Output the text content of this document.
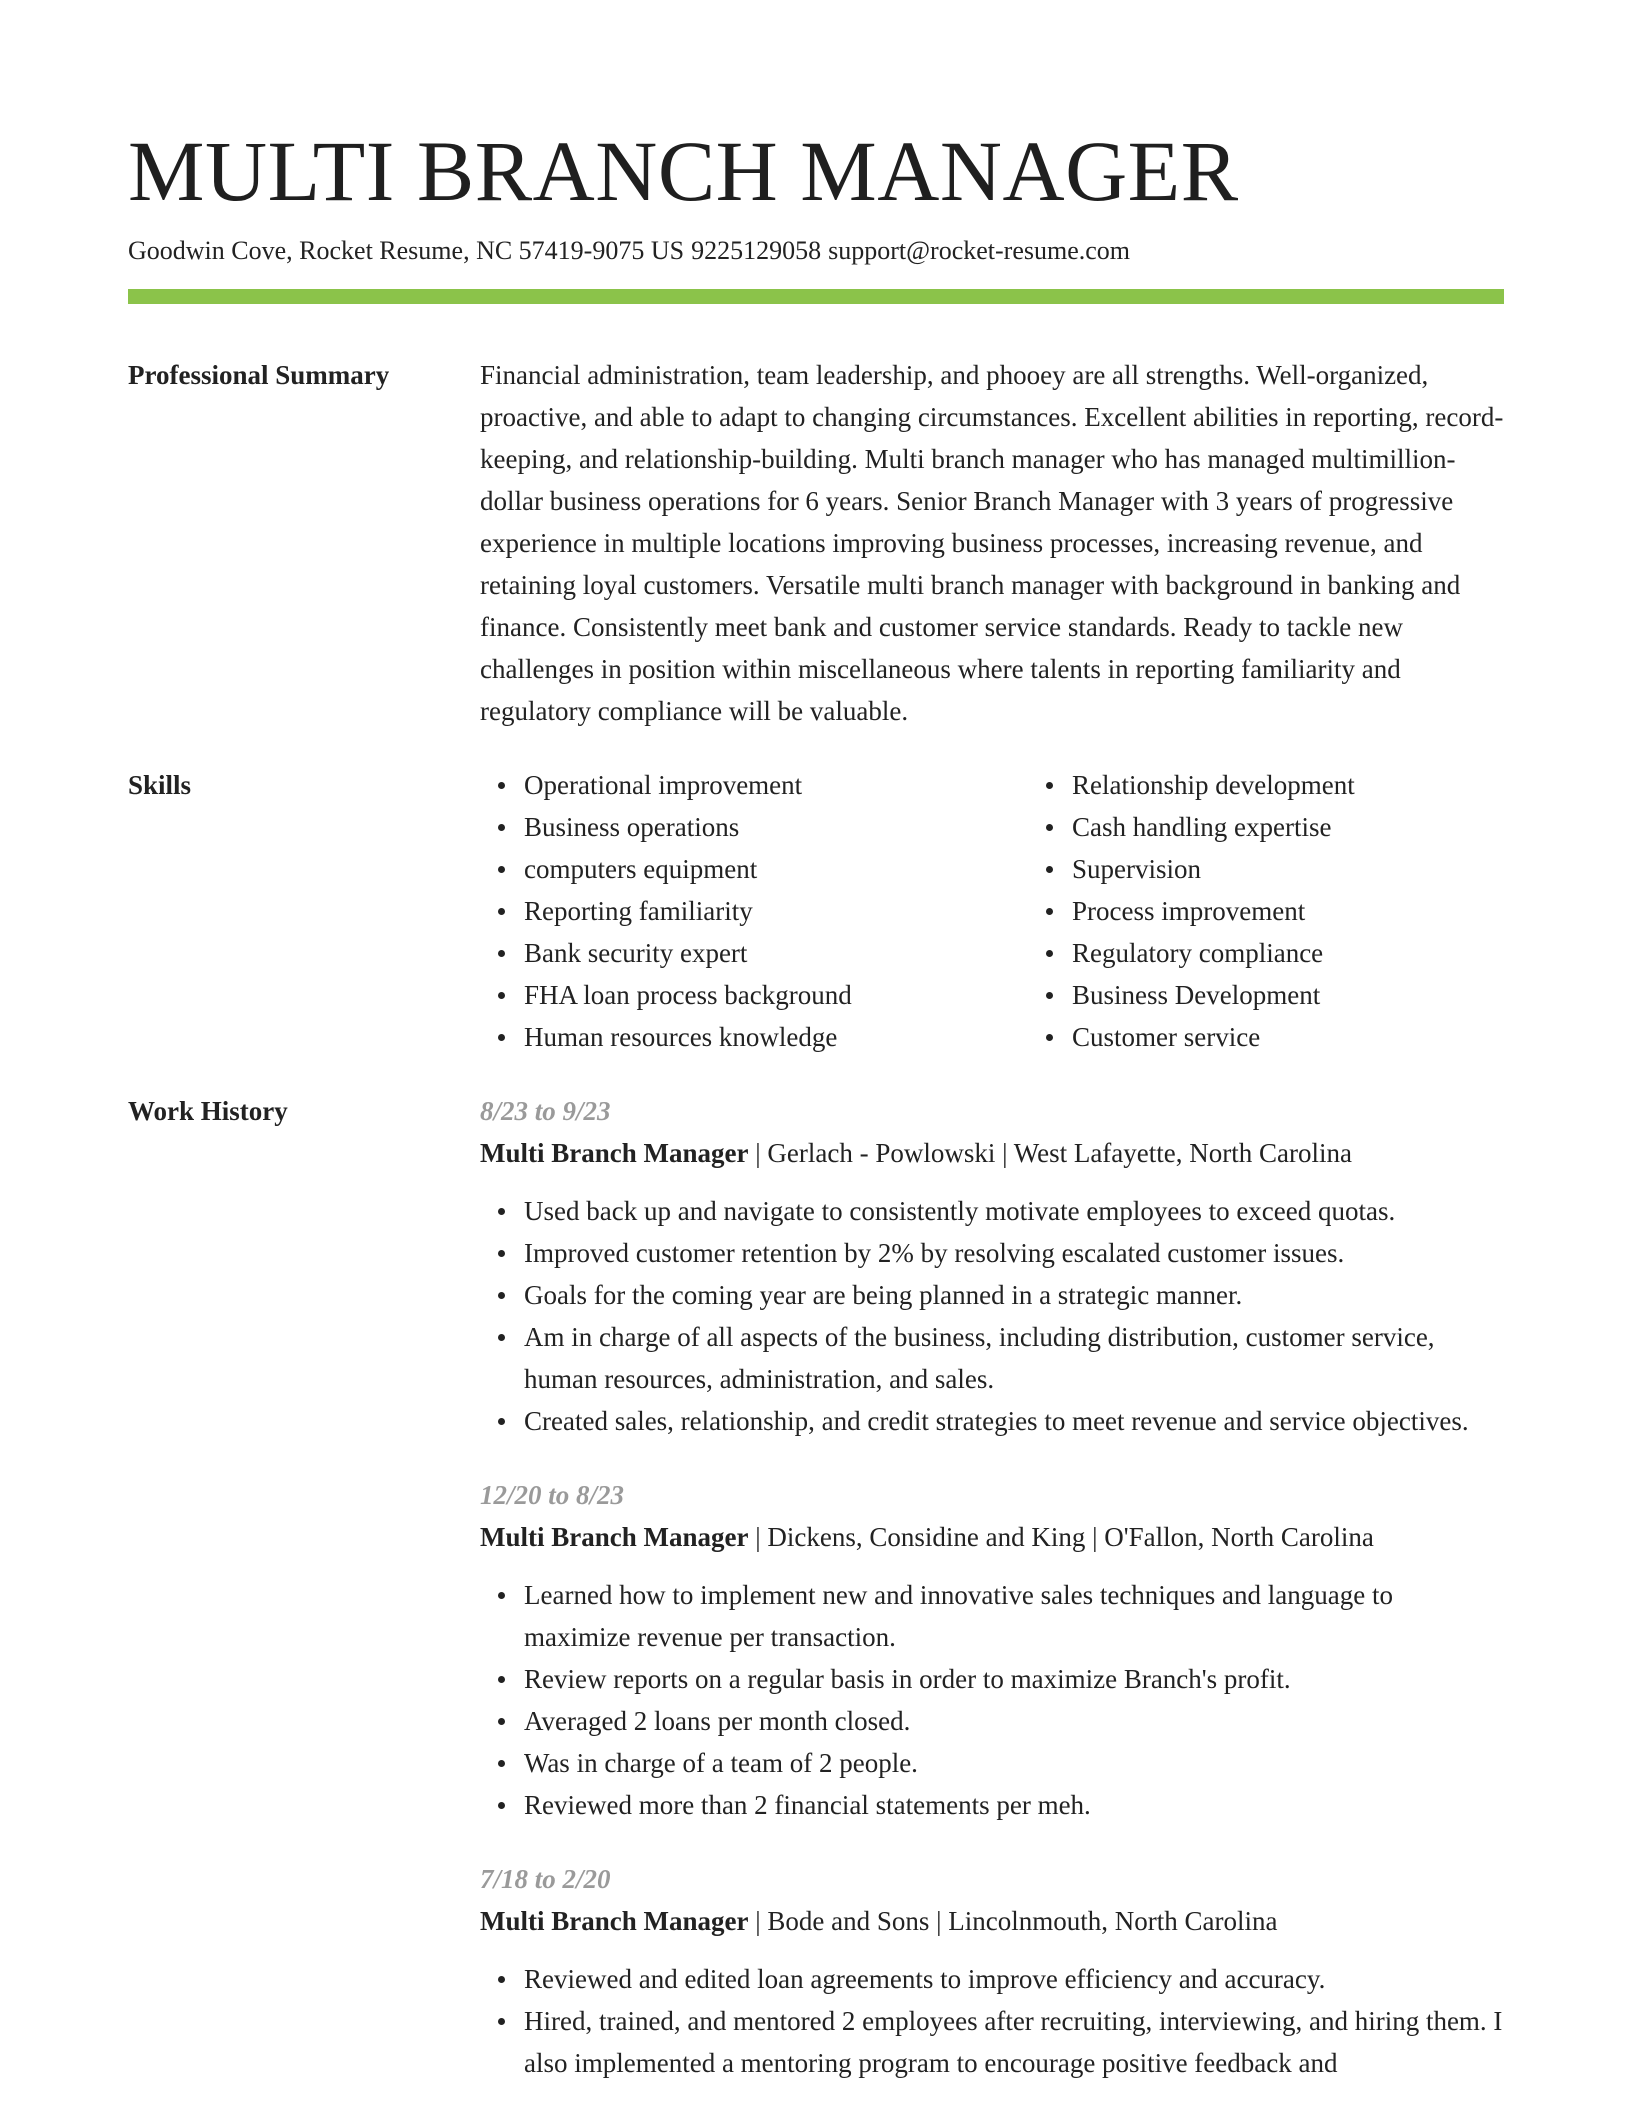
MULTI BRANCH MANAGER
Goodwin Cove, Rocket Resume, NC 57419-9075 US 9225129058 support@rocket-resume.com
Professional Summary	Financial administration, team leadership, and phooey are all strengths. Well-organized, proactive, and able to adapt to changing circumstances. Excellent abilities in reporting, record-keeping, and relationship-building. Multi branch manager who has managed multimillion-dollar business operations for 6 years. Senior Branch Manager with 3 years of progressive experience in multiple locations improving business processes, increasing revenue, and retaining loyal customers. Versatile multi branch manager with background in banking and finance. Consistently meet bank and customer service standards. Ready to tackle new challenges in position within miscellaneous where talents in reporting familiarity and regulatory compliance will be valuable.
Skills	Operational improvement
Business operations
computers equipment
Reporting familiarity
Bank security expert
FHA loan process background
Human resources knowledge
Relationship development
Cash handling expertise
Supervision
Process improvement
Regulatory compliance
Business Development
Customer service
Work History	8/23 to 9/23
Multi Branch Manager | Gerlach - Powlowski | West Lafayette, North Carolina
Used back up and navigate to consistently motivate employees to exceed quotas.
Improved customer retention by 2% by resolving escalated customer issues.
Goals for the coming year are being planned in a strategic manner.
Am in charge of all aspects of the business, including distribution, customer service, human resources, administration, and sales.
Created sales, relationship, and credit strategies to meet revenue and service objectives.
12/20 to 8/23
Multi Branch Manager | Dickens, Considine and King | O'Fallon, North Carolina
Learned how to implement new and innovative sales techniques and language to maximize revenue per transaction.
Review reports on a regular basis in order to maximize Branch's profit.
Averaged 2 loans per month closed.
Was in charge of a team of 2 people.
Reviewed more than 2 financial statements per meh.
7/18 to 2/20
Multi Branch Manager | Bode and Sons | Lincolnmouth, North Carolina
Reviewed and edited loan agreements to improve efficiency and accuracy.
Hired, trained, and mentored 2 employees after recruiting, interviewing, and hiring them. I also implemented a mentoring program to encourage positive feedback and
